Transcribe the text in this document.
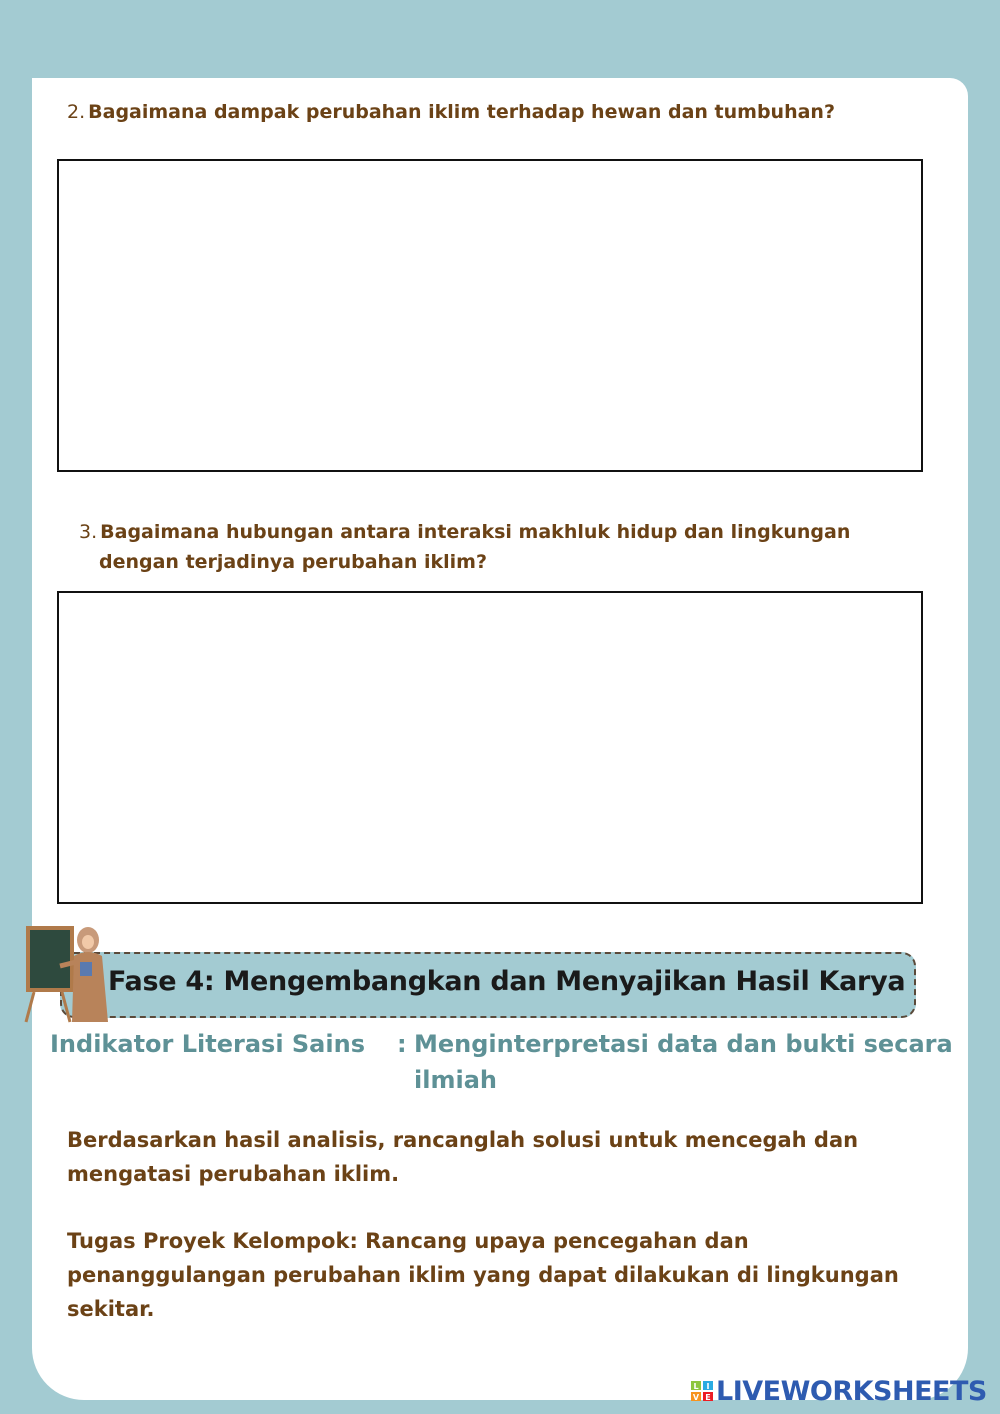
2. Bagaimana dampak perubahan iklim terhadap hewan dan tumbuhan?
3. Bagaimana hubungan antara interaksi makhluk hidup dan lingkungan
dengan terjadinya perubahan iklim?
Fase 4: Mengembangkan dan Menyajikan Hasil Karya
Indikator Literasi Sains : Menginterpretasi data dan bukti secara
ilmiah
Berdasarkan hasil analisis, rancanglah solusi untuk mencegah dan
mengatasi perubahan iklim.
Tugas Proyek Kelompok: Rancang upaya pencegahan dan
penanggulangan perubahan iklim yang dapat dilakukan di lingkungan
sekitar.
L I
V E LIVEWORKSHEETS
